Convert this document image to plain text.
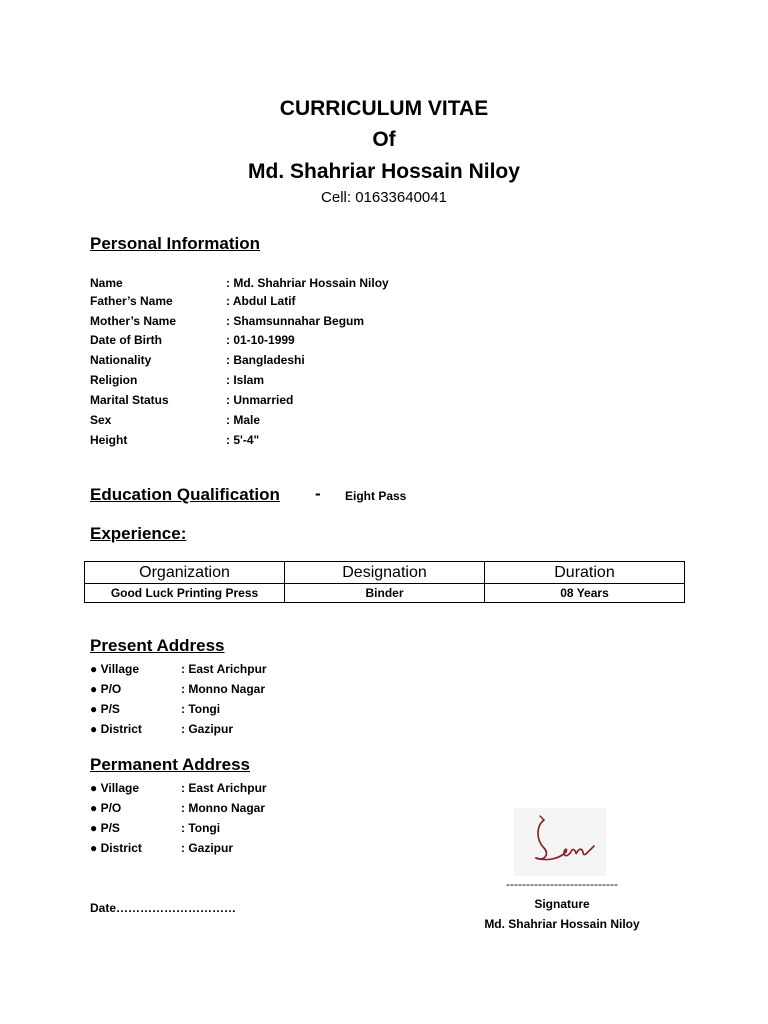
CURRICULUM VITAE
Of
Md. Shahriar Hossain Niloy
Cell: 01633640041
Personal Information
Name	: Md. Shahriar Hossain Niloy
Father’s Name	: Abdul Latif
Mother’s Name	: Shamsunnahar Begum
Date of Birth	: 01-10-1999
Nationality	: Bangladeshi
Religion	: Islam
Marital Status	: Unmarried
Sex	: Male
Height	: 5'-4"
Education Qualification - Eight Pass
Experience:
Organization	Designation	Duration
Good Luck Printing Press	Binder	08 Years
Present Address
● Village	: East Arichpur
● P/O	: Monno Nagar
● P/S	: Tongi
● District	: Gazipur
Permanent Address
● Village	: East Arichpur
● P/O	: Monno Nagar
● P/S	: Tongi
● District	: Gazipur
Date…………………………
----------------------------
Signature
Md. Shahriar Hossain Niloy
